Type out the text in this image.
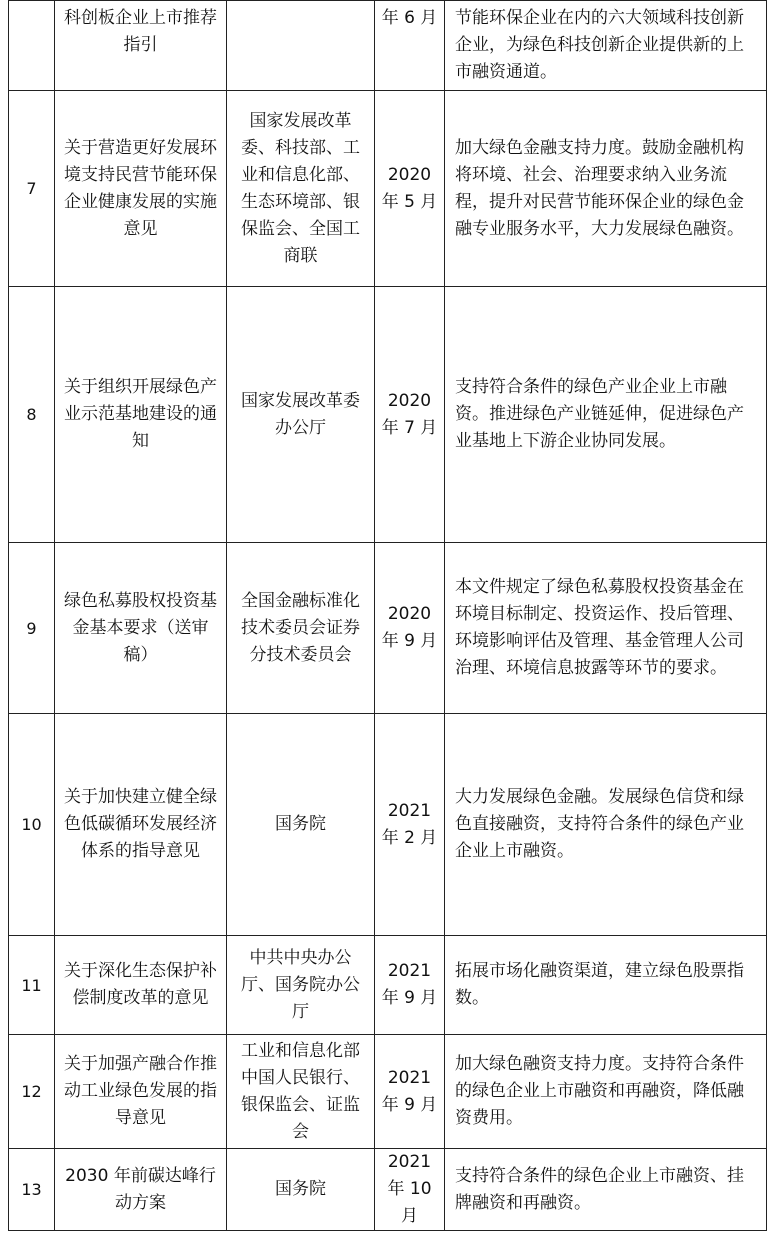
	科创板企业上市推荐指引		年 6 月	节能环保企业在内的六大领域科技创新企业，为绿色科技创新企业提供新的上市融资通道。
7	关于营造更好发展环境支持民营节能环保企业健康发展的实施意见	国家发展改革委、科技部、工业和信息化部、生态环境部、银保监会、全国工商联	2020 年 5 月	加大绿色金融支持力度。鼓励金融机构将环境、社会、治理要求纳入业务流程，提升对民营节能环保企业的绿色金融专业服务水平，大力发展绿色融资。
8	关于组织开展绿色产业示范基地建设的通知	国家发展改革委办公厅	2020 年 7 月	支持符合条件的绿色产业企业上市融资。推进绿色产业链延伸，促进绿色产业基地上下游企业协同发展。
9	绿色私募股权投资基金基本要求（送审稿）	全国金融标准化技术委员会证券分技术委员会	2020 年 9 月	本文件规定了绿色私募股权投资基金在环境目标制定、投资运作、投后管理、环境影响评估及管理、基金管理人公司治理、环境信息披露等环节的要求。
10	关于加快建立健全绿色低碳循环发展经济体系的指导意见	国务院	2021 年 2 月	大力发展绿色金融。发展绿色信贷和绿色直接融资，支持符合条件的绿色产业企业上市融资。
11	关于深化生态保护补偿制度改革的意见	中共中央办公厅、国务院办公厅	2021 年 9 月	拓展市场化融资渠道，建立绿色股票指数。
12	关于加强产融合作推动工业绿色发展的指导意见	工业和信息化部中国人民银行、银保监会、证监会	2021 年 9 月	加大绿色融资支持力度。支持符合条件的绿色企业上市融资和再融资，降低融资费用。
13	2030 年前碳达峰行动方案	国务院	2021 年 10 月	支持符合条件的绿色企业上市融资、挂牌融资和再融资。
